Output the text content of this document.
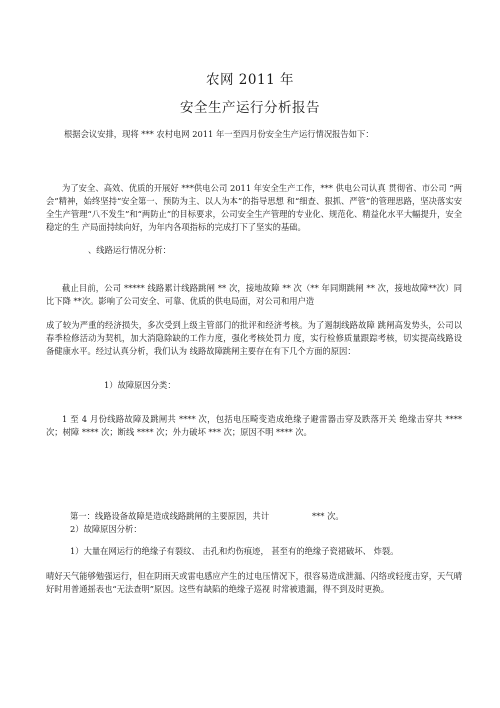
农网 2011 年
安全生产运行分析报告
根据会议安排，现将 *** 农村电网 2011 年一至四月份安全生产运行情况报告如下：
为了安全、高效、优质的开展好 ***供电公司 2011 年安全生产工作，*** 供电公司认真 贯彻省、市公司 “两会”精神，始终坚持“安全第一、预防为主、以人为本”的指导思想 和“细查、狠抓、严管”的管理思路，坚决落实安全生产管理“八不发生”和“两防止”的目标要求，公司安全生产管理的专业化、规范化、精益化水平大幅提升，安全稳定的生 产局面持续向好，为年内各项指标的完成打下了坚实的基础。
、线路运行情况分析：
截止目前，公司 ***** 线路累计线路跳闸 ** 次，接地故障 ** 次（** 年同期跳闸 ** 次，接地故障**次）同比下降 **次。影响了公司安全、可靠、优质的供电局面，对公司和用户造
成了较为严重的经济损失，多次受到上级主管部门的批评和经济考核。为了遏制线路故障 跳闸高发势头，公司以春季检修活动为契机，加大消隐除缺的工作力度，强化考核处罚力 度，实行检修质量跟踪考核，切实提高线路设备健康水平。经过认真分析，我们认为 线路故障跳闸主要存在有下几个方面的原因：
1）故障原因分类：
1 至 4 月份线路故障及跳闸共 **** 次，包括电压畸变造成绝缘子避雷器击穿及跌落开关 绝缘击穿共 **** 次；树障 **** 次；断线 **** 次；外力破坏 *** 次；原因不明 **** 次。
第一：线路设备故障是造成线路跳闸的主要原因，共计	*** 次。
2）故障原因分析：
1）大量在网运行的绝缘子有裂纹、 击孔和灼伤痕迹， 甚至有的绝缘子瓷裙破坏、 炸裂。
晴好天气能够勉强运行，但在阴雨天或雷电感应产生的过电压情况下，很容易造成泄漏、闪络或轻度击穿，天气晴好时用普通摇表也“无法查明”原因。这些有缺陷的绝缘子巡视 时常被遗漏，得不到及时更换。
